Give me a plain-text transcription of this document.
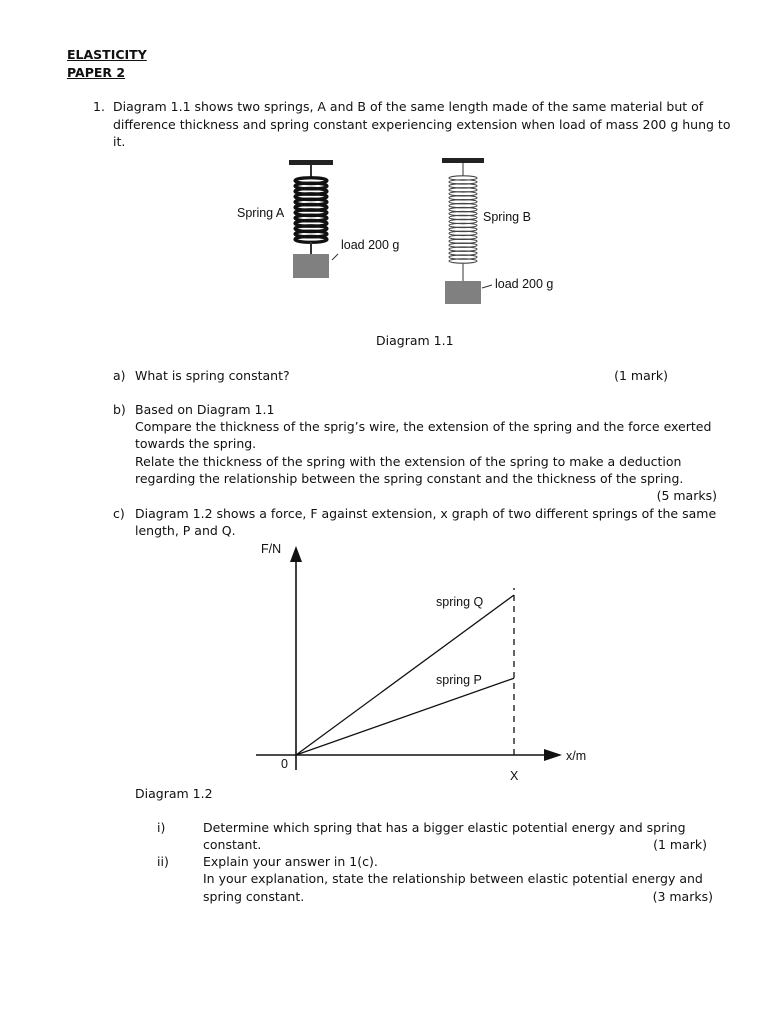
ELASTICITY
PAPER 2
1. Diagram 1.1 shows two springs, A and B of the same length made of the same material but of
difference thickness and spring constant experiencing extension when load of mass 200 g hung to
it.
Spring A
load 200 g
Spring B
load 200 g
Diagram 1.1
a) What is spring constant?	(1 mark)
b) Based on Diagram 1.1
Compare the thickness of the sprig’s wire, the extension of the spring and the force exerted
towards the spring.
Relate the thickness of the spring with the extension of the spring to make a deduction
regarding the relationship between the spring constant and the thickness of the spring.
(5 marks)
c) Diagram 1.2 shows a force, F against extension, x graph of two different springs of the same
length, P and Q.
F/N
x/m
0
X
spring Q
spring P
Diagram 1.2
i)	Determine which spring that has a bigger elastic potential energy and spring
constant.	(1 mark)
ii)	Explain your answer in 1(c).
In your explanation, state the relationship between elastic potential energy and
spring constant.	(3 marks)
